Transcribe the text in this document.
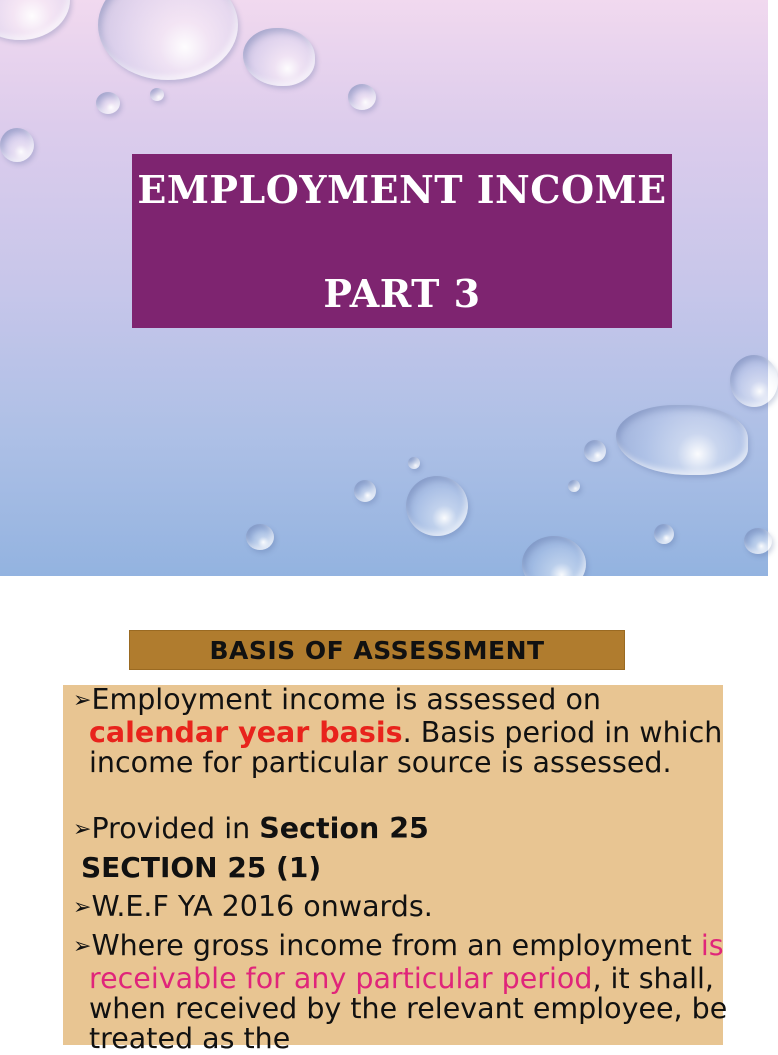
EMPLOYMENT INCOME
PART 3
BASIS OF ASSESSMENT
➢Employment income is assessed on calendar year basis. Basis period in which income for particular source is assessed.
➢Provided in Section 25
SECTION 25 (1)
➢W.E.F YA 2016 onwards.
➢Where gross income from an employment is receivable for any particular period, it shall, when received by the relevant employee, be treated as the
